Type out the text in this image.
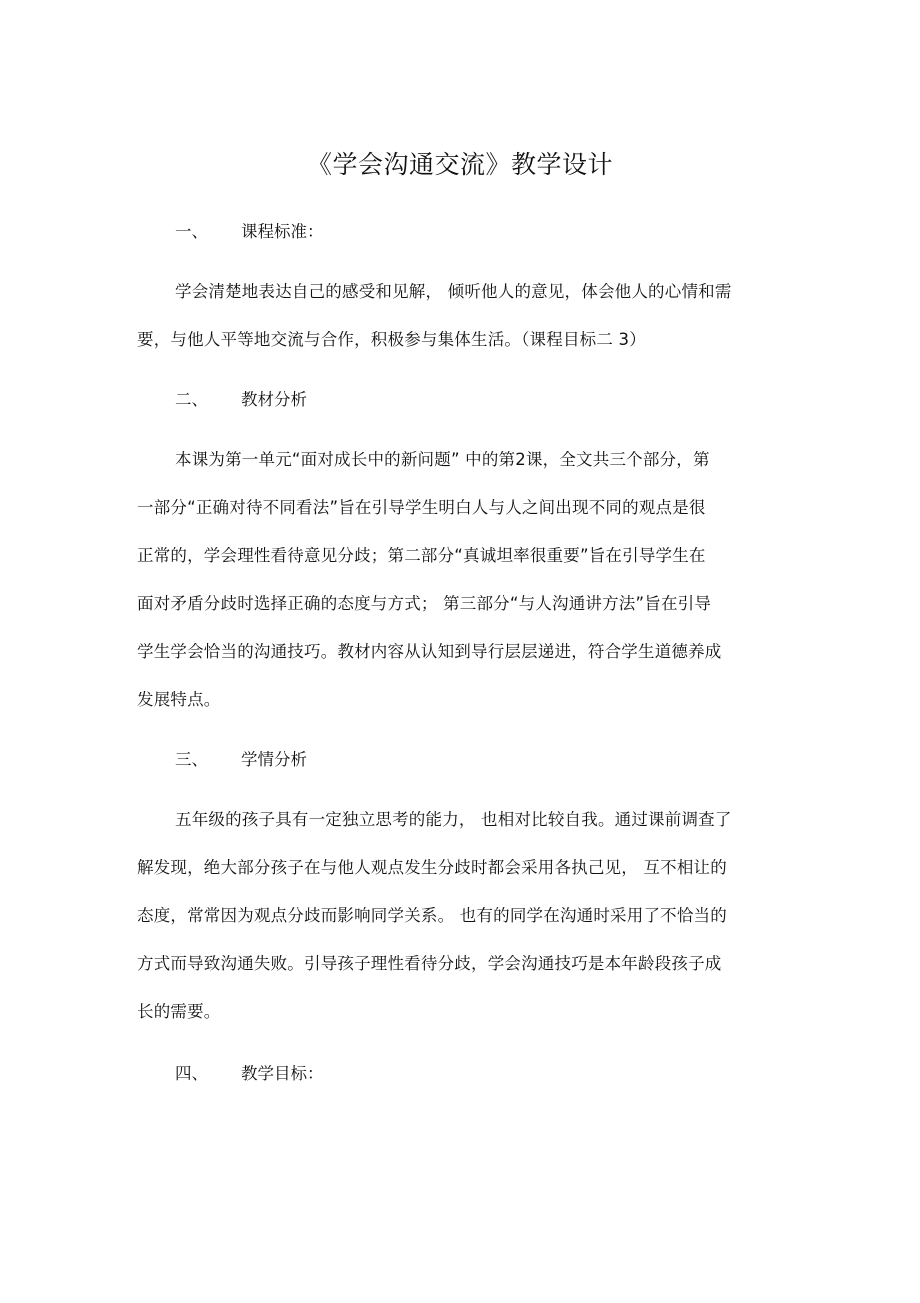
《学会沟通交流》教学设计
一、 课程标准：
学会清楚地表达自己的感受和见解， 倾听他人的意见，体会他人的心情和需
要，与他人平等地交流与合作，积极参与集体生活。（课程目标二 3）
二、 教材分析
本课为第一单元“面对成长中的新问题” 中的第2课，全文共三个部分，第
一部分“正确对待不同看法”旨在引导学生明白人与人之间出现不同的观点是很
正常的，学会理性看待意见分歧；第二部分“真诚坦率很重要”旨在引导学生在
面对矛盾分歧时选择正确的态度与方式； 第三部分“与人沟通讲方法”旨在引导
学生学会恰当的沟通技巧。教材内容从认知到导行层层递进，符合学生道德养成
发展特点。
三、 学情分析
五年级的孩子具有一定独立思考的能力， 也相对比较自我。通过课前调查了
解发现，绝大部分孩子在与他人观点发生分歧时都会采用各执己见， 互不相让的
态度，常常因为观点分歧而影响同学关系。 也有的同学在沟通时采用了不恰当的
方式而导致沟通失败。引导孩子理性看待分歧，学会沟通技巧是本年龄段孩子成
长的需要。
四、 教学目标：
